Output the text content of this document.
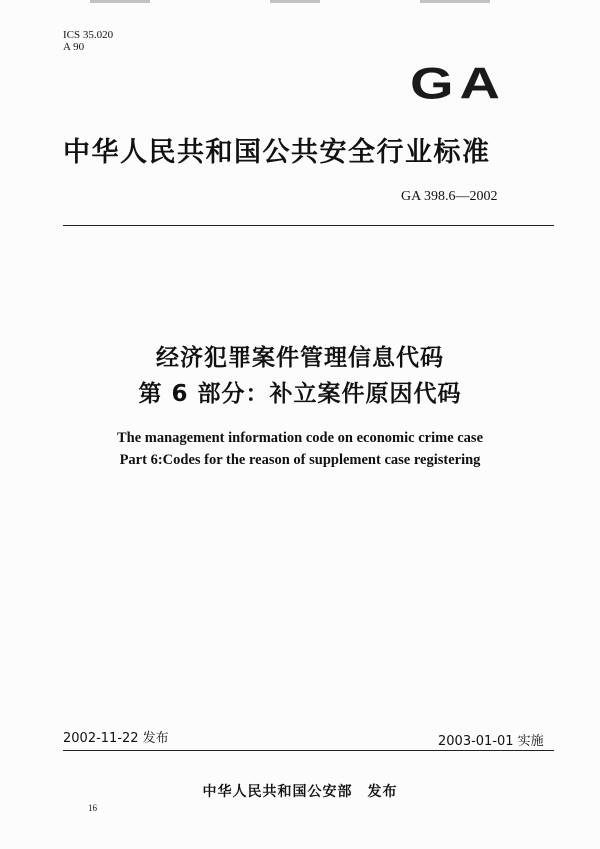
ICS 35.020
A 90
GA
中华人民共和国公共安全行业标准
GA 398.6—2002
经济犯罪案件管理信息代码
第 6 部分：补立案件原因代码
The management information code on economic crime case
Part 6:Codes for the reason of supplement case registering
2002-11-22 发布	2003-01-01 实施
中华人民共和国公安部　发布
16
